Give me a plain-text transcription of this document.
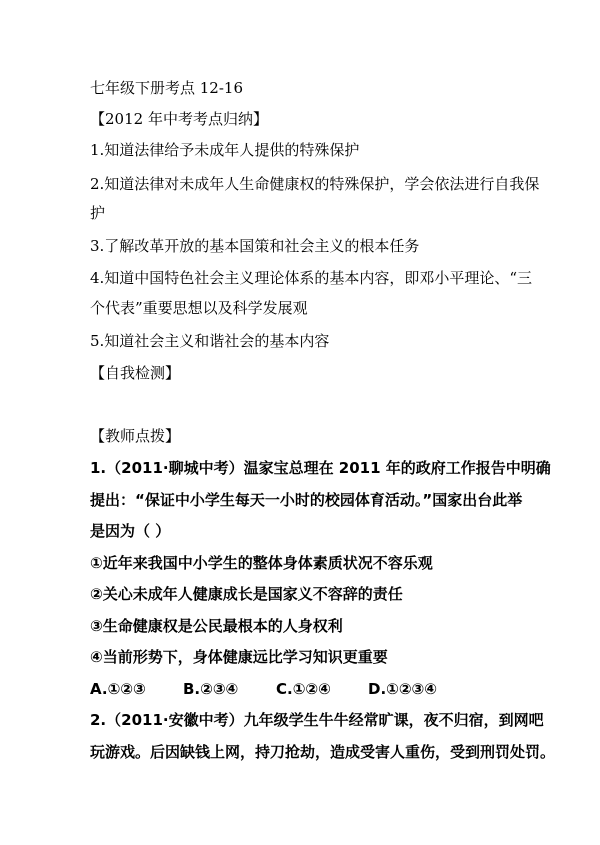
七年级下册考点 12-16
【2012 年中考考点归纳】
1.知道法律给予未成年人提供的特殊保护
2.知道法律对未成年人生命健康权的特殊保护，学会依法进行自我保
护
3.了解改革开放的基本国策和社会主义的根本任务
4.知道中国特色社会主义理论体系的基本内容，即邓小平理论、“三
个代表”重要思想以及科学发展观
5.知道社会主义和谐社会的基本内容
【自我检测】
【教师点拨】
1.（2011·聊城中考）温家宝总理在 2011 年的政府工作报告中明确
提出：“保证中小学生每天一小时的校园体育活动。”国家出台此举
是因为（ ）
①近年来我国中小学生的整体身体素质状况不容乐观
②关心未成年人健康成长是国家义不容辞的责任
③生命健康权是公民最根本的人身权利
④当前形势下，身体健康远比学习知识更重要
A.①②③ B.②③④	C.①②④ D.①②③④
2.（2011·安徽中考）九年级学生牛牛经常旷课，夜不归宿，到网吧
玩游戏。后因缺钱上网，持刀抢劫，造成受害人重伤，受到刑罚处罚。
